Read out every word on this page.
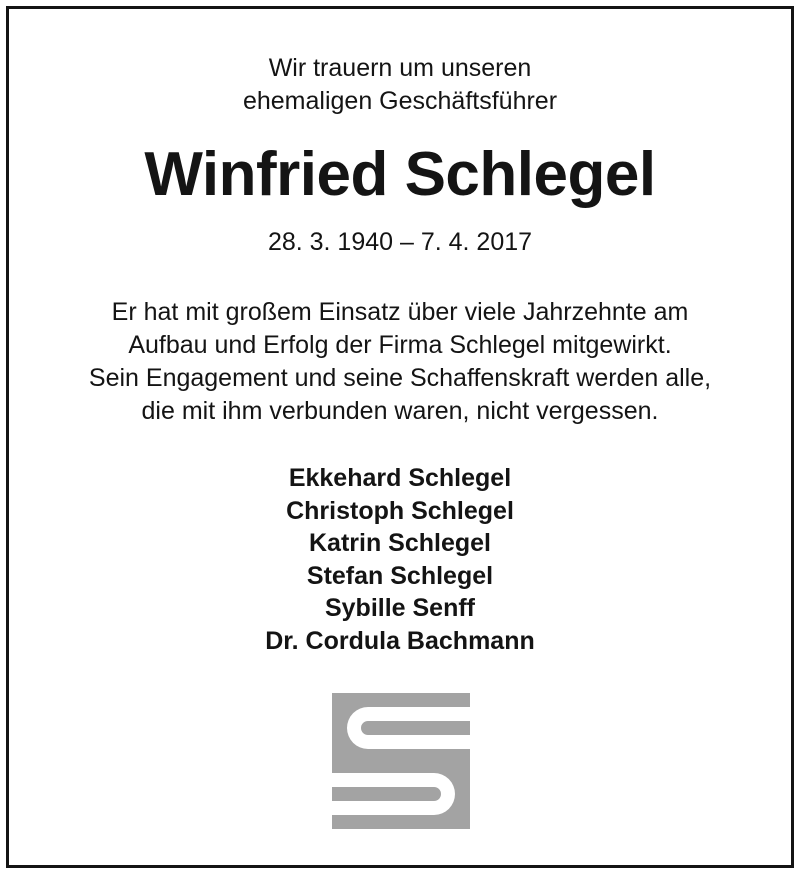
Wir trauern um unseren
ehemaligen Geschäftsführer
Winfried Schlegel
28. 3. 1940 – 7. 4. 2017
Er hat mit großem Einsatz über viele Jahrzehnte am
Aufbau und Erfolg der Firma Schlegel mitgewirkt.
Sein Engagement und seine Schaffenskraft werden alle,
die mit ihm verbunden waren, nicht vergessen.
Ekkehard Schlegel
Christoph Schlegel
Katrin Schlegel
Stefan Schlegel
Sybille Senff
Dr. Cordula Bachmann
